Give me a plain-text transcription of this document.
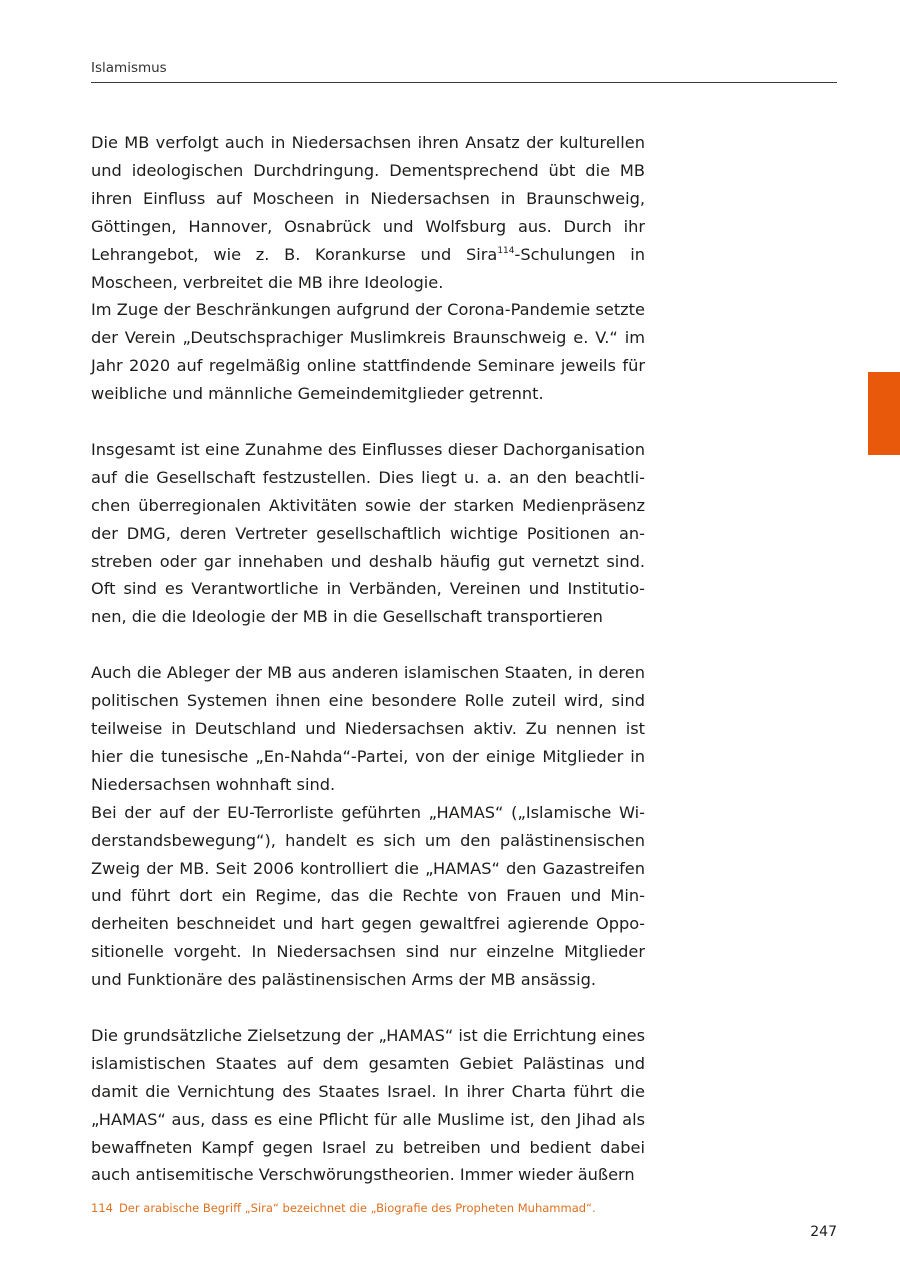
Islamismus

Die MB verfolgt auch in Niedersachsen ihren Ansatz der kulturellen und ideologischen Durchdringung. Dementsprechend übt die MB ihren Einfluss auf Moscheen in Niedersachsen in Braunschweig, Göttingen, Hannover, Osnabrück und Wolfsburg aus. Durch ihr Lehrangebot, wie z. B. Korankurse und Sira$^{114}$-Schulungen in Moscheen, verbreitet die MB ihre Ideologie.

Im Zuge der Beschränkungen aufgrund der Corona-Pandemie setzte der Verein „Deutschsprachiger Muslimkreis Braunschweig e. V.“ im Jahr 2020 auf regelmäßig online stattfindende Seminare jeweils für weibliche und männliche Gemeindemitglieder getrennt.

Insgesamt ist eine Zunahme des Einflusses dieser Dachorganisation auf die Gesellschaft festzustellen. Dies liegt u. a. an den beachtlichen überregionalen Aktivitäten sowie der starken Medienpräsenz der DMG, deren Vertreter gesellschaftlich wichtige Positionen anstreben oder gar innehaben und deshalb häufig gut vernetzt sind. Oft sind es Verantwortliche in Verbänden, Vereinen und Institutionen, die die Ideologie der MB in die Gesellschaft transportieren

Auch die Ableger der MB aus anderen islamischen Staaten, in deren politischen Systemen ihnen eine besondere Rolle zuteil wird, sind teilweise in Deutschland und Niedersachsen aktiv. Zu nennen ist hier die tunesische „En-Nahda“-Partei, von der einige Mitglieder in Niedersachsen wohnhaft sind.

Bei der auf der EU-Terrorliste geführten „HAMAS“ („Islamische Widerstandsbewegung“), handelt es sich um den palästinensischen Zweig der MB. Seit 2006 kontrolliert die „HAMAS“ den Gazastreifen und führt dort ein Regime, das die Rechte von Frauen und Minderheiten beschneidet und hart gegen gewaltfrei agierende Oppositionelle vorgeht. In Niedersachsen sind nur einzelne Mitglieder und Funktionäre des palästinensischen Arms der MB ansässig.

Die grundsätzliche Zielsetzung der „HAMAS“ ist die Errichtung eines islamistischen Staates auf dem gesamten Gebiet Palästinas und damit die Vernichtung des Staates Israel. In ihrer Charta führt die „HAMAS“ aus, dass es eine Pflicht für alle Muslime ist, den Jihad als bewaffneten Kampf gegen Israel zu betreiben und bedient dabei auch antisemitische Verschwörungstheorien. Immer wieder äußern

114 Der arabische Begriff „Sira“ bezeichnet die „Biografie des Propheten Muhammad“.
247
